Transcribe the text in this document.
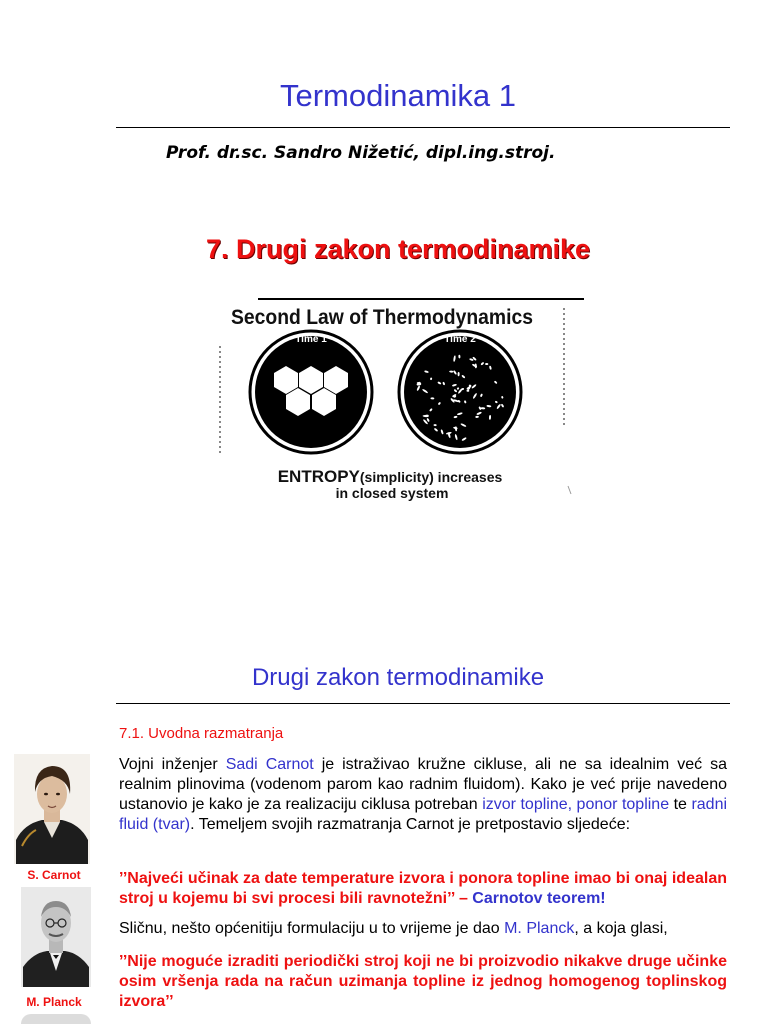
Termodinamika 1
Prof. dr.sc. Sandro Nižetić, dipl.ing.stroj.
7. Drugi zakon termodinamike
Second Law of Thermodynamics
Time 1	Time 2
ENTROPY(simplicity) increases
in closed system
Drugi zakon termodinamike
7.1. Uvodna razmatranja
Vojni inženjer Sadi Carnot je istraživao kružne cikluse, ali ne sa idealnim već sa realnim plinovima (vodenom parom kao radnim fluidom). Kako je već prije navedeno ustanovio je kako je za realizaciju ciklusa potreban izvor topline, ponor topline te radni fluid (tvar). Temeljem svojih razmatranja Carnot je pretpostavio sljedeće:
’’Najveći učinak za date temperature izvora i ponora topline imao bi onaj idealan stroj u kojemu bi svi procesi bili ravnotežni’’ – Carnotov teorem!
Sličnu, nešto općenitiju formulaciju u to vrijeme je dao M. Planck, a koja glasi,
’’Nije moguće izraditi periodički stroj koji ne bi proizvodio nikakve druge učinke osim vršenja rada na račun uzimanja topline iz jednog homogenog toplinskog izvora’’
S. Carnot
M. Planck
